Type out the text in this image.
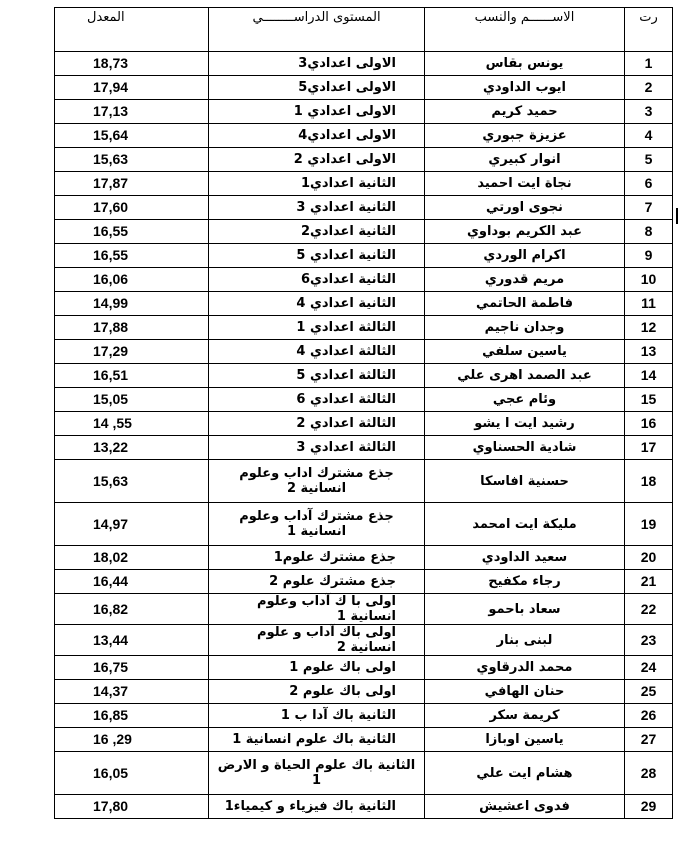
المعدل	المستوى الدراســــــــي	الاســــــم والنسب	رت
18,73	الاولى اعدادي3	يونس بقاس	1
17,94	الاولى اعدادي5	ايوب الداودي	2
17,13	الاولى اعدادي 1	حميد كريم	3
15,64	الاولى اعدادي4	عزيزة جبوري	4
15,63	الاولى اعدادي 2	انوار كبيري	5
17,87	الثانية اعدادي1	نجاة ايت احميد	6
17,60	الثانية اعدادي 3	نجوى اورتي	7
16,55	الثانية اعدادي2	عبد الكريم بوداوي	8
16,55	الثانية اعدادي 5	اكرام الوردي	9
16,06	الثانية اعدادي6	مريم قدوري	10
14,99	الثانية اعدادي 4	فاطمة الحاتمي	11
17,88	الثالثة اعدادي 1	وجدان ناجيم	12
17,29	الثالثة اعدادي 4	ياسين سلفي	13
16,51	الثالثة اعدادي 5	عبد الصمد اهرى علي	14
15,05	الثالثة اعدادي 6	وئام عجي	15
14 ,55	الثالثة اعدادي 2	رشيد ايت ا يشو	16
13,22	الثالثة اعدادي 3	شادية الحسناوي	17
15,63	جذع مشترك اداب وعلوم انسانية 2	حسنية افاسكا	18
14,97	جذع مشترك آداب وعلوم انسانية 1	مليكة ايت امحمد	19
18,02	جذع مشترك علوم1	سعيد الداودي	20
16,44	جذع مشترك علوم 2	رجاء مكفيح	21
16,82	اولى با ك آداب وعلوم انسانية 1	سعاد باحمو	22
13,44	اولى باك آداب و علوم انسانية 2	لبنى بنار	23
16,75	اولى باك علوم 1	محمد الدرقاوي	24
14,37	اولى باك علوم 2	حنان الهافي	25
16,85	الثانية باك آدا ب 1	كريمة سكر	26
16 ,29	الثانية باك علوم انسانية 1	ياسين اوبازا	27
16,05	الثانية باك علوم الحياة و الارض 1	هشام ايت علي	28
17,80	الثانية باك فيزياء و كيمياء1	فدوى اعشيش	29
